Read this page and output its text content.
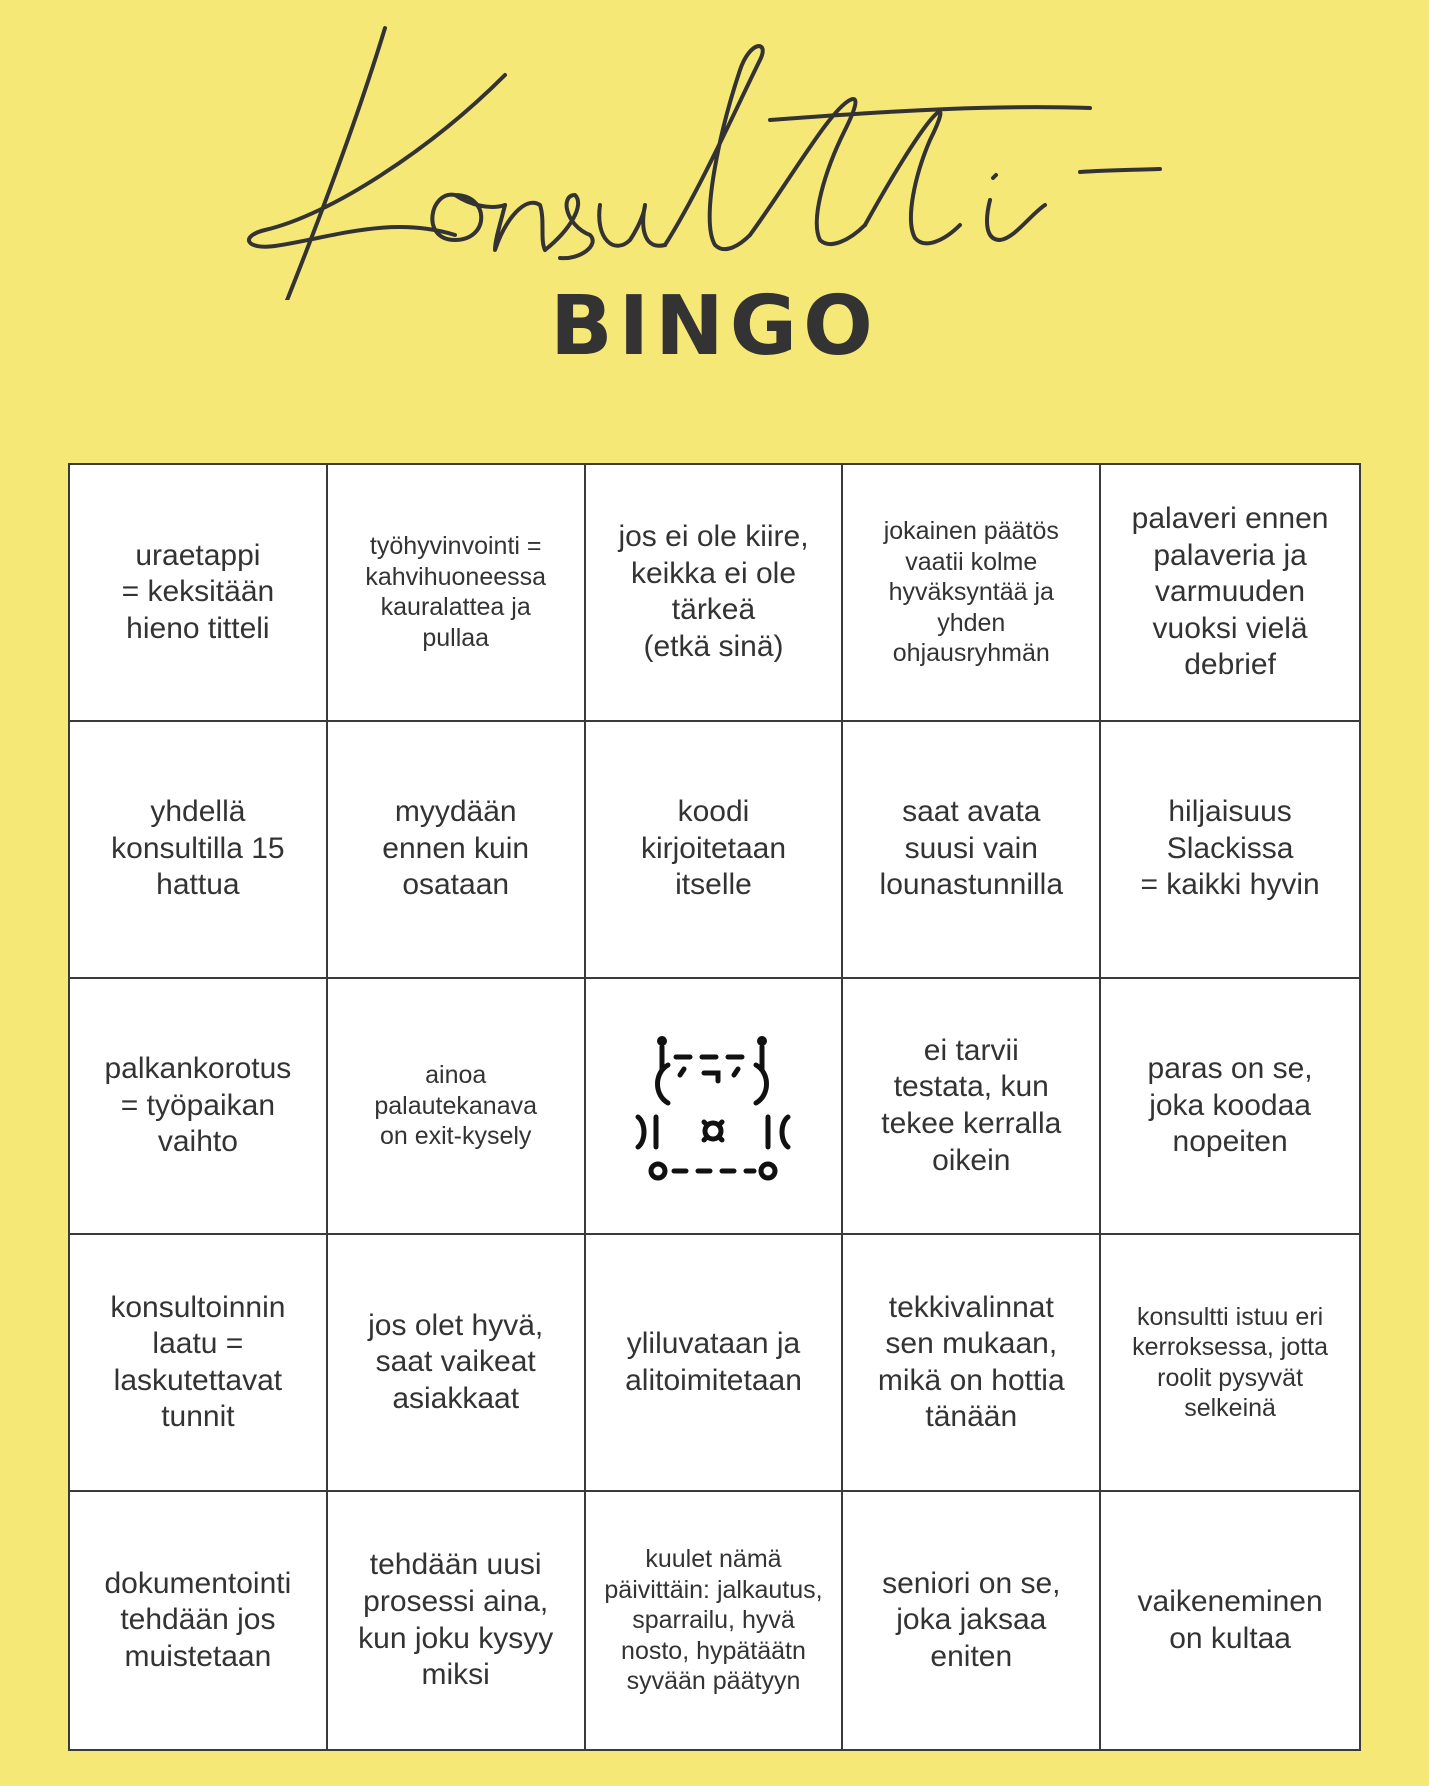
BINGO
uraetappi
= keksitään
hieno titteli
työhyvinvointi =
kahvihuoneessa
kauralattea ja
pullaa
jos ei ole kiire,
keikka ei ole
tärkeä
(etkä sinä)
jokainen päätös
vaatii kolme
hyväksyntää ja
yhden
ohjausryhmän
palaveri ennen
palaveria ja
varmuuden
vuoksi vielä
debrief
yhdellä
konsultilla 15
hattua
myydään
ennen kuin
osataan
koodi
kirjoitetaan
itselle
saat avata
suusi vain
lounastunnilla
hiljaisuus
Slackissa
= kaikki hyvin
palkankorotus
= työpaikan
vaihto
ainoa
palautekanava
on exit-kysely
ei tarvii
testata, kun
tekee kerralla
oikein
paras on se,
joka koodaa
nopeiten
konsultoinnin
laatu =
laskutettavat
tunnit
jos olet hyvä,
saat vaikeat
asiakkaat
yliluvataan ja
alitoimitetaan
tekkivalinnat
sen mukaan,
mikä on hottia
tänään
konsultti istuu eri
kerroksessa, jotta
roolit pysyvät
selkeinä
dokumentointi
tehdään jos
muistetaan
tehdään uusi
prosessi aina,
kun joku kysyy
miksi
kuulet nämä
päivittäin: jalkautus,
sparrailu, hyvä
nosto, hypätäätn
syvään päätyyn
seniori on se,
joka jaksaa
eniten
vaikeneminen
on kultaa
